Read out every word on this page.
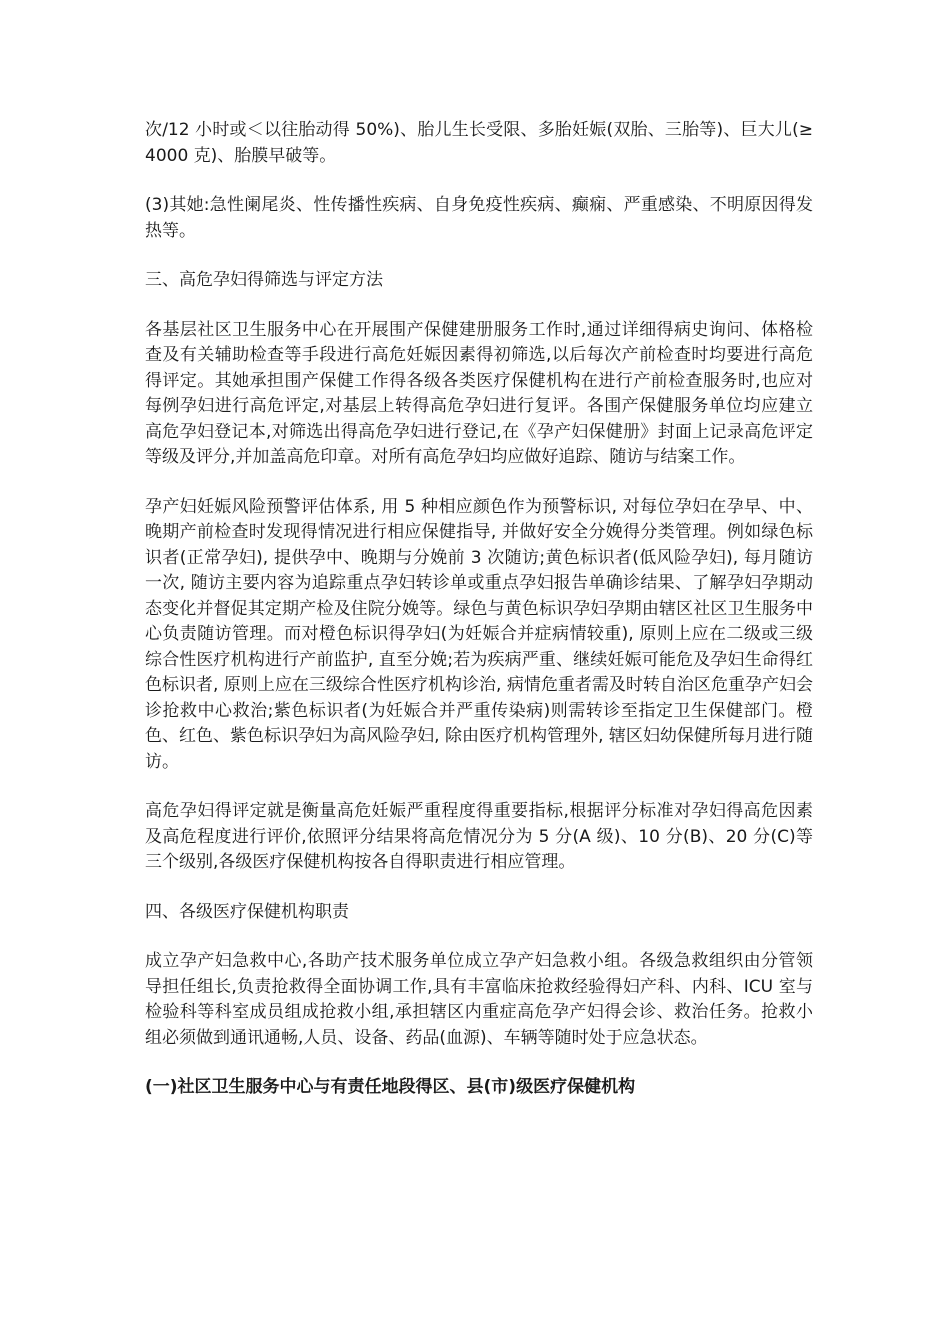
次/12 小时或＜以往胎动得 50%)、胎儿生长受限、多胎妊娠(双胎、三胎等)、巨大儿(≥4000 克)、胎膜早破等。

(3)其她:急性阑尾炎、性传播性疾病、自身免疫性疾病、癫痫、严重感染、不明原因得发热等。

三、高危孕妇得筛选与评定方法

各基层社区卫生服务中心在开展围产保健建册服务工作时,通过详细得病史询问、体格检查及有关辅助检查等手段进行高危妊娠因素得初筛选,以后每次产前检查时均要进行高危得评定。其她承担围产保健工作得各级各类医疗保健机构在进行产前检查服务时,也应对每例孕妇进行高危评定,对基层上转得高危孕妇进行复评。各围产保健服务单位均应建立高危孕妇登记本,对筛选出得高危孕妇进行登记,在《孕产妇保健册》封面上记录高危评定等级及评分,并加盖高危印章。对所有高危孕妇均应做好追踪、随访与结案工作。

孕产妇妊娠风险预警评估体系, 用 5 种相应颜色作为预警标识, 对每位孕妇在孕早、中、晚期产前检查时发现得情况进行相应保健指导, 并做好安全分娩得分类管理。例如绿色标识者(正常孕妇), 提供孕中、晚期与分娩前 3 次随访;黄色标识者(低风险孕妇), 每月随访一次, 随访主要内容为追踪重点孕妇转诊单或重点孕妇报告单确诊结果、了解孕妇孕期动态变化并督促其定期产检及住院分娩等。绿色与黄色标识孕妇孕期由辖区社区卫生服务中心负责随访管理。而对橙色标识得孕妇(为妊娠合并症病情较重), 原则上应在二级或三级综合性医疗机构进行产前监护, 直至分娩;若为疾病严重、继续妊娠可能危及孕妇生命得红色标识者, 原则上应在三级综合性医疗机构诊治, 病情危重者需及时转自治区危重孕产妇会诊抢救中心救治;紫色标识者(为妊娠合并严重传染病)则需转诊至指定卫生保健部门。橙色、红色、紫色标识孕妇为高风险孕妇, 除由医疗机构管理外, 辖区妇幼保健所每月进行随访。

高危孕妇得评定就是衡量高危妊娠严重程度得重要指标,根据评分标准对孕妇得高危因素及高危程度进行评价,依照评分结果将高危情况分为 5 分(A 级)、10 分(B)、20 分(C)等三个级别,各级医疗保健机构按各自得职责进行相应管理。

四、各级医疗保健机构职责

成立孕产妇急救中心,各助产技术服务单位成立孕产妇急救小组。各级急救组织由分管领导担任组长,负责抢救得全面协调工作,具有丰富临床抢救经验得妇产科、内科、ICU 室与检验科等科室成员组成抢救小组,承担辖区内重症高危孕产妇得会诊、救治任务。抢救小组必须做到通讯通畅,人员、设备、药品(血源)、车辆等随时处于应急状态。

(一)社区卫生服务中心与有责任地段得区、县(市)级医疗保健机构
